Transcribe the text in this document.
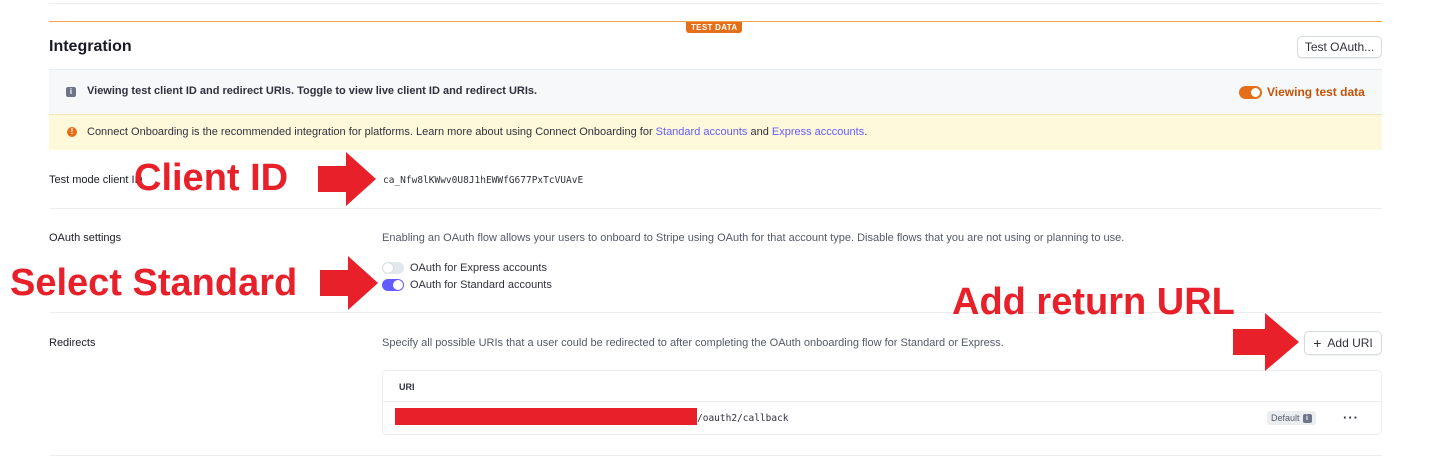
TEST DATA
Integration	Test OAuth...
i	Viewing test client ID and redirect URIs. Toggle to view live client ID and redirect URIs.	Viewing test data
!	Connect Onboarding is the recommended integration for platforms. Learn more about using Connect Onboarding for Standard accounts and Express acccounts.
Test mode client ID	ca_Nfw8lKWwv0U8J1hEWWfG677PxTcVUAvE
OAuth settings	Enabling an OAuth flow allows your users to onboard to Stripe using OAuth for that account type. Disable flows that you are not using or planning to use.
OAuth for Express accounts
OAuth for Standard accounts
Redirects	Specify all possible URIs that a user could be redirected to after completing the OAuth onboarding flow for Standard or Express.	+ Add URI
URI
/oauth2/callback	Default i	···
Client ID
Select Standard	Add return URL
